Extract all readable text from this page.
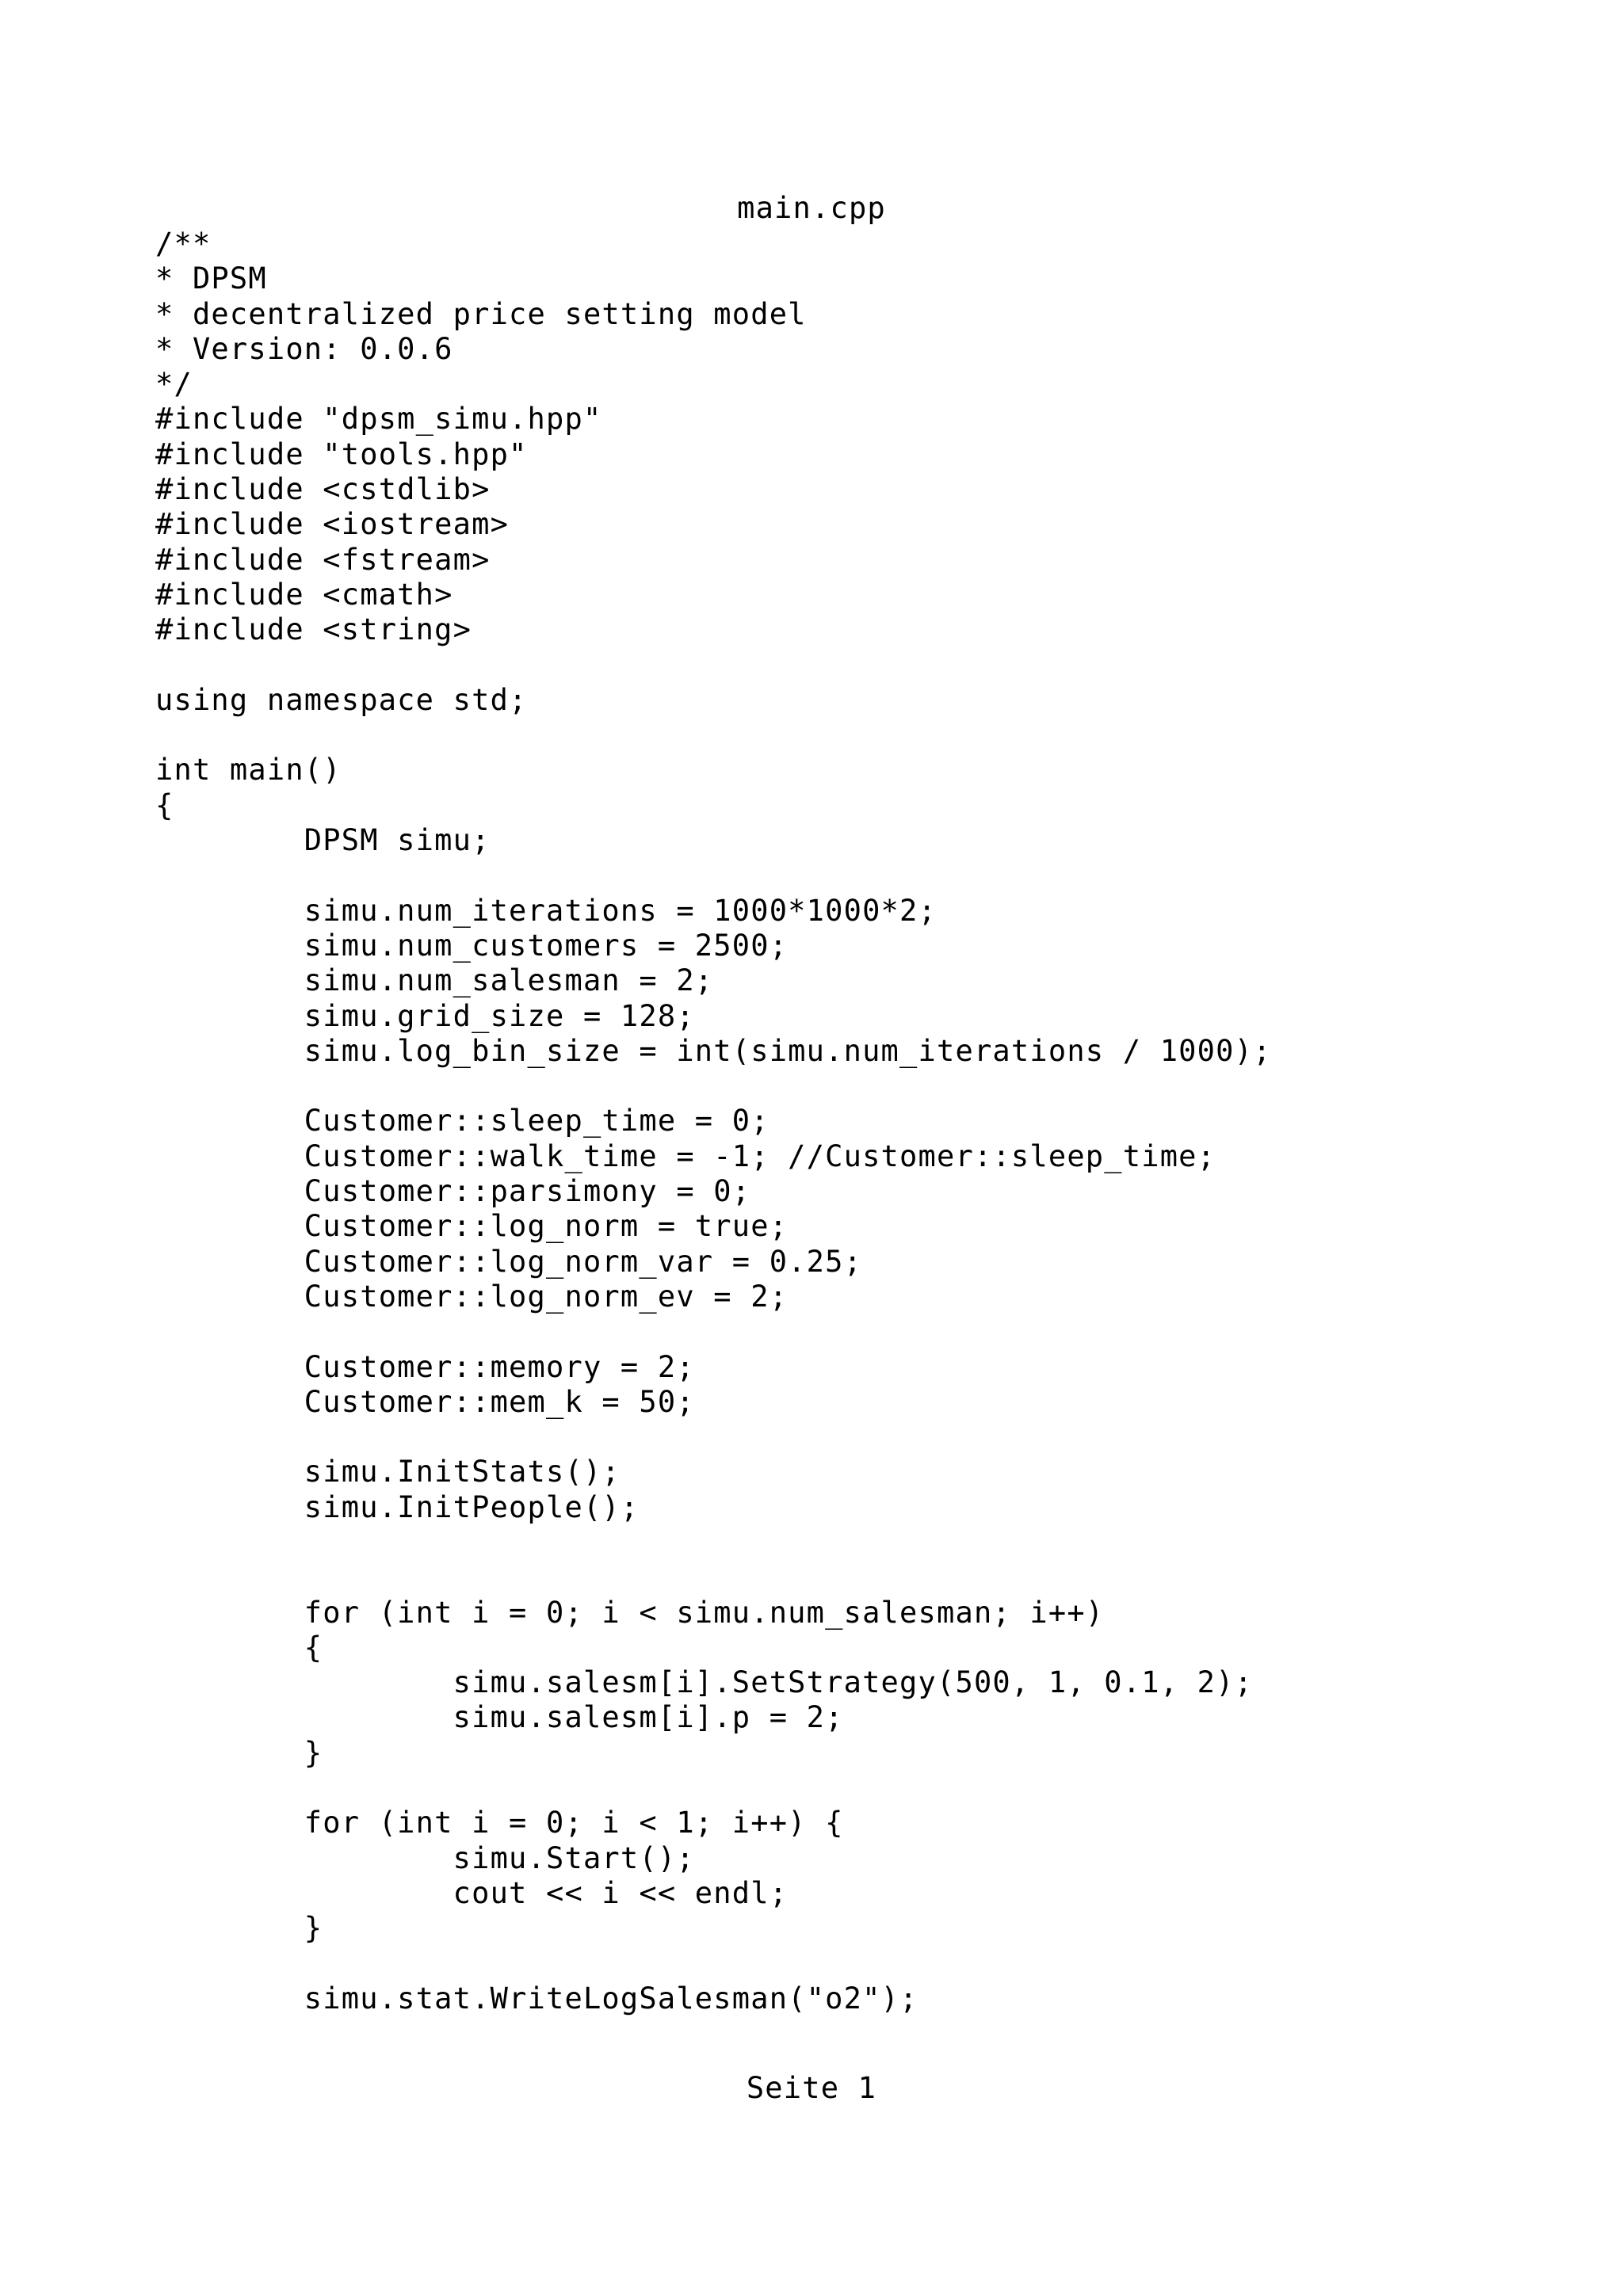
main.cpp
/**
* DPSM
* decentralized price setting model
* Version: 0.0.6
*/
#include "dpsm_simu.hpp"
#include "tools.hpp"
#include <cstdlib>
#include <iostream>
#include <fstream>
#include <cmath>
#include <string>
using namespace std;
int main()
{
DPSM simu;
simu.num_iterations = 1000*1000*2;
simu.num_customers = 2500;
simu.num_salesman = 2;
simu.grid_size = 128;
simu.log_bin_size = int(simu.num_iterations / 1000);
Customer::sleep_time = 0;
Customer::walk_time = -1; //Customer::sleep_time;
Customer::parsimony = 0;
Customer::log_norm = true;
Customer::log_norm_var = 0.25;
Customer::log_norm_ev = 2;
Customer::memory = 2;
Customer::mem_k = 50;
simu.InitStats();
simu.InitPeople();
for (int i = 0; i < simu.num_salesman; i++)
{
simu.salesm[i].SetStrategy(500, 1, 0.1, 2);
simu.salesm[i].p = 2;
}
for (int i = 0; i < 1; i++) {
simu.Start();
cout << i << endl;
}
simu.stat.WriteLogSalesman("o2");
Seite 1
